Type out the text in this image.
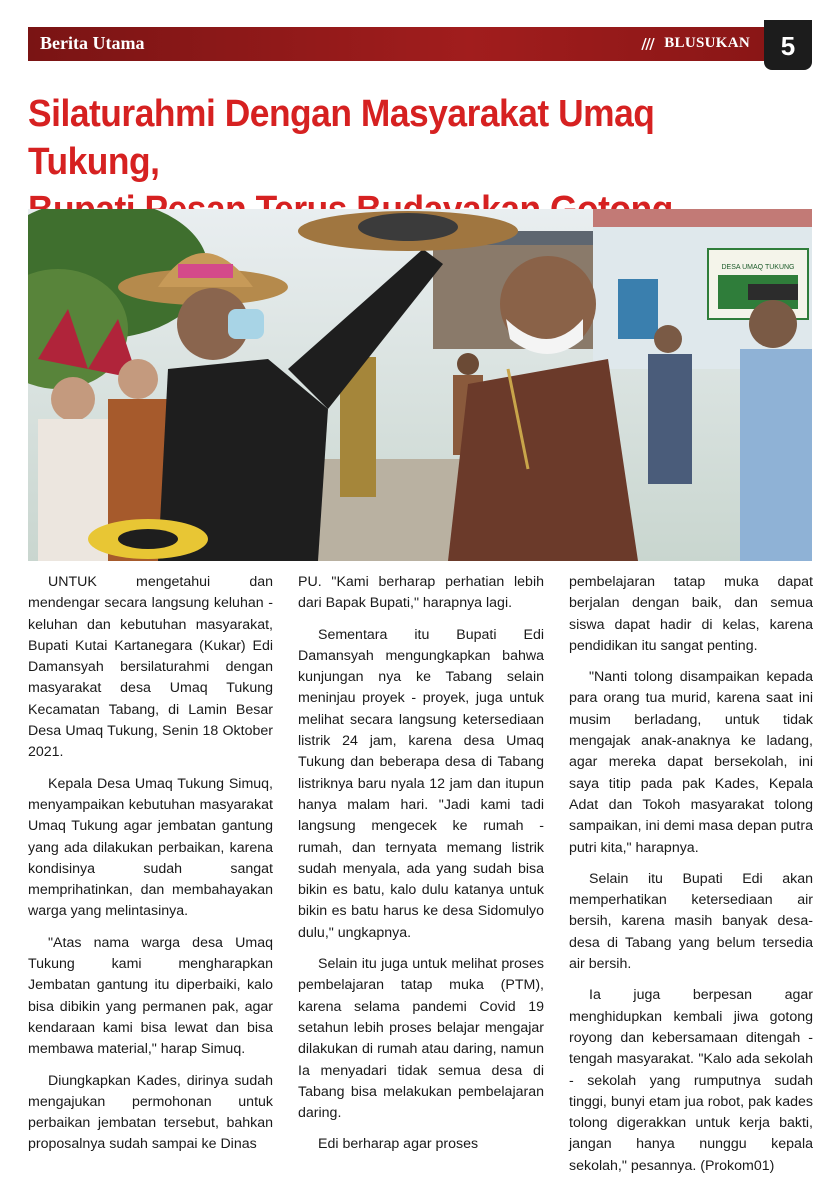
Berita Utama	BLUSUKAN	5
Silaturahmi Dengan Masyarakat Umaq Tukung,

DESA UMAQ TUKUNG

UNTUK mengetahui dan mendengar secara langsung keluhan - keluhan dan kebutuhan masyarakat, Bupati Kutai Kartanegara (Kukar) Edi Damansyah bersilaturahmi dengan masyarakat desa Umaq Tukung Kecamatan Tabang, di Lamin Besar Desa Umaq Tukung, Senin 18 Oktober 2021.

Kepala Desa Umaq Tukung Simuq, menyampaikan kebutuhan masyarakat Umaq Tukung agar jembatan gantung yang ada dilakukan perbaikan, karena kondisinya sudah sangat memprihatinkan, dan membahayakan warga yang melintasinya.

"Atas nama warga desa Umaq Tukung kami mengharapkan Jembatan gantung itu diperbaiki, kalo bisa dibikin yang permanen pak, agar kendaraan kami bisa lewat dan bisa membawa material," harap Simuq.

Diungkapkan Kades, dirinya sudah mengajukan permohonan untuk perbaikan jembatan tersebut, bahkan proposalnya sudah sampai ke Dinas

PU. "Kami berharap perhatian lebih dari Bapak Bupati," harapnya lagi.

Sementara itu Bupati Edi Damansyah mengungkapkan bahwa kunjungan nya ke Tabang selain meninjau proyek - proyek, juga untuk melihat secara langsung ketersediaan listrik 24 jam, karena desa Umaq Tukung dan beberapa desa di Tabang listriknya baru nyala 12 jam dan itupun hanya malam hari. "Jadi kami tadi langsung mengecek ke rumah - rumah, dan ternyata memang listrik sudah menyala, ada yang sudah bisa bikin es batu, kalo dulu katanya untuk bikin es batu harus ke desa Sidomulyo dulu," ungkapnya.

Selain itu juga untuk melihat proses pembelajaran tatap muka (PTM), karena selama pandemi Covid 19 setahun lebih proses belajar mengajar dilakukan di rumah atau daring, namun Ia menyadari tidak semua desa di Tabang bisa melakukan pembelajaran daring.

Edi berharap agar proses

pembelajaran tatap muka dapat berjalan dengan baik, dan semua siswa dapat hadir di kelas, karena pendidikan itu sangat penting.

"Nanti tolong disampaikan kepada para orang tua murid, karena saat ini musim berladang, untuk tidak mengajak anak-anaknya ke ladang, agar mereka dapat bersekolah, ini saya titip pada pak Kades, Kepala Adat dan Tokoh masyarakat tolong sampaikan, ini demi masa depan putra putri kita," harapnya.

Selain itu Bupati Edi akan memperhatikan ketersediaan air bersih, karena masih banyak desa-desa di Tabang yang belum tersedia air bersih.

Ia juga berpesan agar menghidupkan kembali jiwa gotong royong dan kebersamaan ditengah - tengah masyarakat. "Kalo ada sekolah - sekolah yang rumputnya sudah tinggi, bunyi etam jua robot, pak kades tolong digerakkan untuk kerja bakti, jangan hanya nunggu kepala sekolah," pesannya. (Prokom01)
